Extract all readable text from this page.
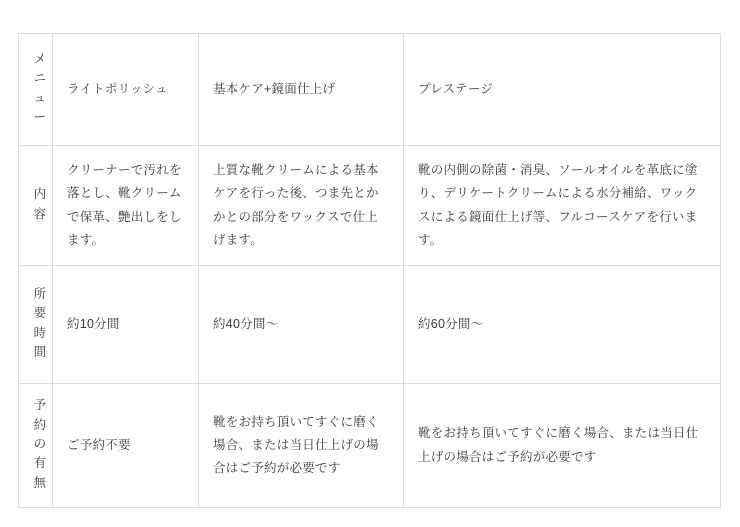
メニュー	ライトポリッシュ	基本ケア+鏡面仕上げ	プレステージ

内容	クリーナーで汚れを落とし、靴クリームで保革、艶出しをします。	上質な靴クリームによる基本ケアを行った後、つま先とかかとの部分をワックスで仕上げます。	靴の内側の除菌・消臭、ソールオイルを革底に塗り、デリケートクリームによる水分補給、ワックスによる鏡面仕上げ等、フルコースケアを行います。

所要時間	約10分間	約40分間〜	約60分間〜

予約の有無	ご予約不要	靴をお持ち頂いてすぐに磨く場合、または当日仕上げの場合はご予約が必要です	靴をお持ち頂いてすぐに磨く場合、または当日仕上げの場合はご予約が必要です
